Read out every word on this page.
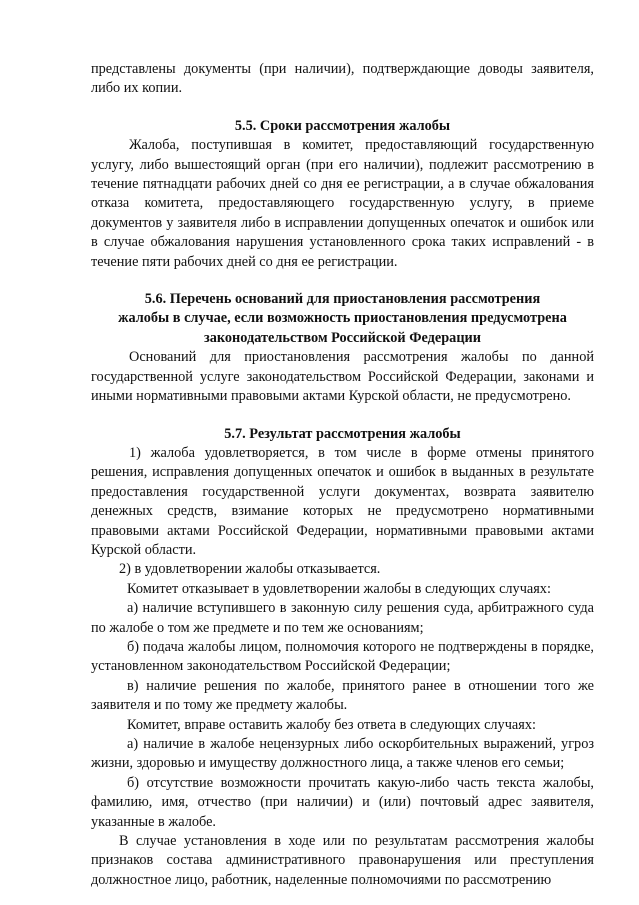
представлены документы (при наличии), подтверждающие доводы заявителя, либо их копии.

5.5. Сроки рассмотрения жалобы

Жалоба, поступившая в комитет, предоставляющий государственную услугу, либо вышестоящий орган (при его наличии), подлежит рассмотрению в течение пятнадцати рабочих дней со дня ее регистрации, а в случае обжалования отказа комитета, предоставляющего государственную услугу, в приеме документов у заявителя либо в исправлении допущенных опечаток и ошибок или в случае обжалования нарушения установленного срока таких исправлений - в течение пяти рабочих дней со дня ее регистрации.

5.6. Перечень оснований для приостановления рассмотрения

жалобы в случае, если возможность приостановления предусмотрена

законодательством Российской Федерации

Оснований для приостановления рассмотрения жалобы по данной государственной услуге законодательством Российской Федерации, законами и иными нормативными правовыми актами Курской области, не предусмотрено.

5.7. Результат рассмотрения жалобы

1) жалоба удовлетворяется, в том числе в форме отмены принятого решения, исправления допущенных опечаток и ошибок в выданных в результате предоставления государственной услуги документах, возврата заявителю денежных средств, взимание которых не предусмотрено нормативными правовыми актами Российской Федерации, нормативными правовыми актами Курской области.

2) в удовлетворении жалобы отказывается.

Комитет отказывает в удовлетворении жалобы в следующих случаях:

а) наличие вступившего в законную силу решения суда, арбитражного суда по жалобе о том же предмете и по тем же основаниям;

б) подача жалобы лицом, полномочия которого не подтверждены в порядке, установленном законодательством Российской Федерации;

в) наличие решения по жалобе, принятого ранее в отношении того же заявителя и по тому же предмету жалобы.

Комитет, вправе оставить жалобу без ответа в следующих случаях:

а) наличие в жалобе нецензурных либо оскорбительных выражений, угроз жизни, здоровью и имуществу должностного лица, а также членов его семьи;

б) отсутствие возможности прочитать какую-либо часть текста жалобы, фамилию, имя, отчество (при наличии) и (или) почтовый адрес заявителя, указанные в жалобе.

В случае установления в ходе или по результатам рассмотрения жалобы признаков состава административного правонарушения или преступления должностное лицо, работник, наделенные полномочиями по рассмотрению
